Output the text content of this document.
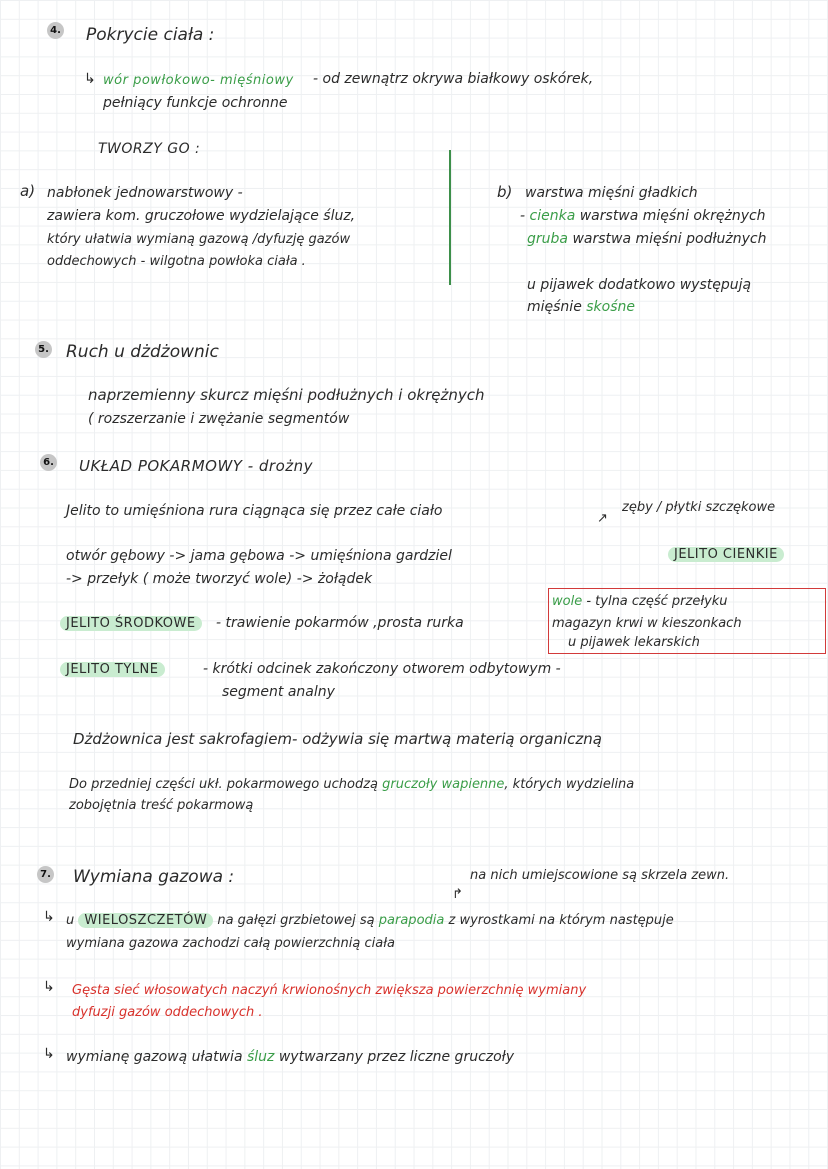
4. Pokrycie ciała :
↳ wór powłokowo- mięśniowy - od zewnątrz okrywa białkowy oskórek,
pełniący funkcje ochronne
TWORZY GO :
a) nabłonek jednowarstwowy -
zawiera kom. gruczołowe wydzielające śluz,
który ułatwia wymianą gazową /dyfuzję gazów
oddechowych - wilgotna powłoka ciała .
b) warstwa mięśni gładkich
- cienka warstwa mięśni okrężnych
gruba warstwa mięśni podłużnych
u pijawek dodatkowo występują
mięśnie skośne
5. Ruch u dżdżownic
naprzemienny skurcz mięśni podłużnych i okrężnych
( rozszerzanie i zwężanie segmentów
6. UKŁAD POKARMOWY - drożny
Jelito to umięśniona rura ciągnąca się przez całe ciało	↗
zęby / płytki szczękowe
otwór gębowy -> jama gębowa -> umięśniona gardziel
-> przełyk ( może tworzyć wole) -> żołądek
JELITO CIENKIE
wole - tylna część przełyku
magazyn krwi w kieszonkach
u pijawek lekarskich
JELITO ŚRODKOWE	- trawienie pokarmów ,prosta rurka
JELITO TYLNE	- krótki odcinek zakończony otworem odbytowym -
segment analny
Dżdżownica jest sakrofagiem- odżywia się martwą materią organiczną
Do przedniej części ukł. pokarmowego uchodzą gruczoły wapienne, których wydzielina
zobojętnia treść pokarmową
7. Wymiana gazowa :	na nich umiejscowione są skrzela zewn.
↱
↳ u WIELOSZCZETÓW na gałęzi grzbietowej są parapodia z wyrostkami na którym następuje
wymiana gazowa zachodzi całą powierzchnią ciała
↳ Gęsta sieć włosowatych naczyń krwionośnych zwiększa powierzchnię wymiany
dyfuzji gazów oddechowych .
↳ wymianę gazową ułatwia śluz wytwarzany przez liczne gruczoły
